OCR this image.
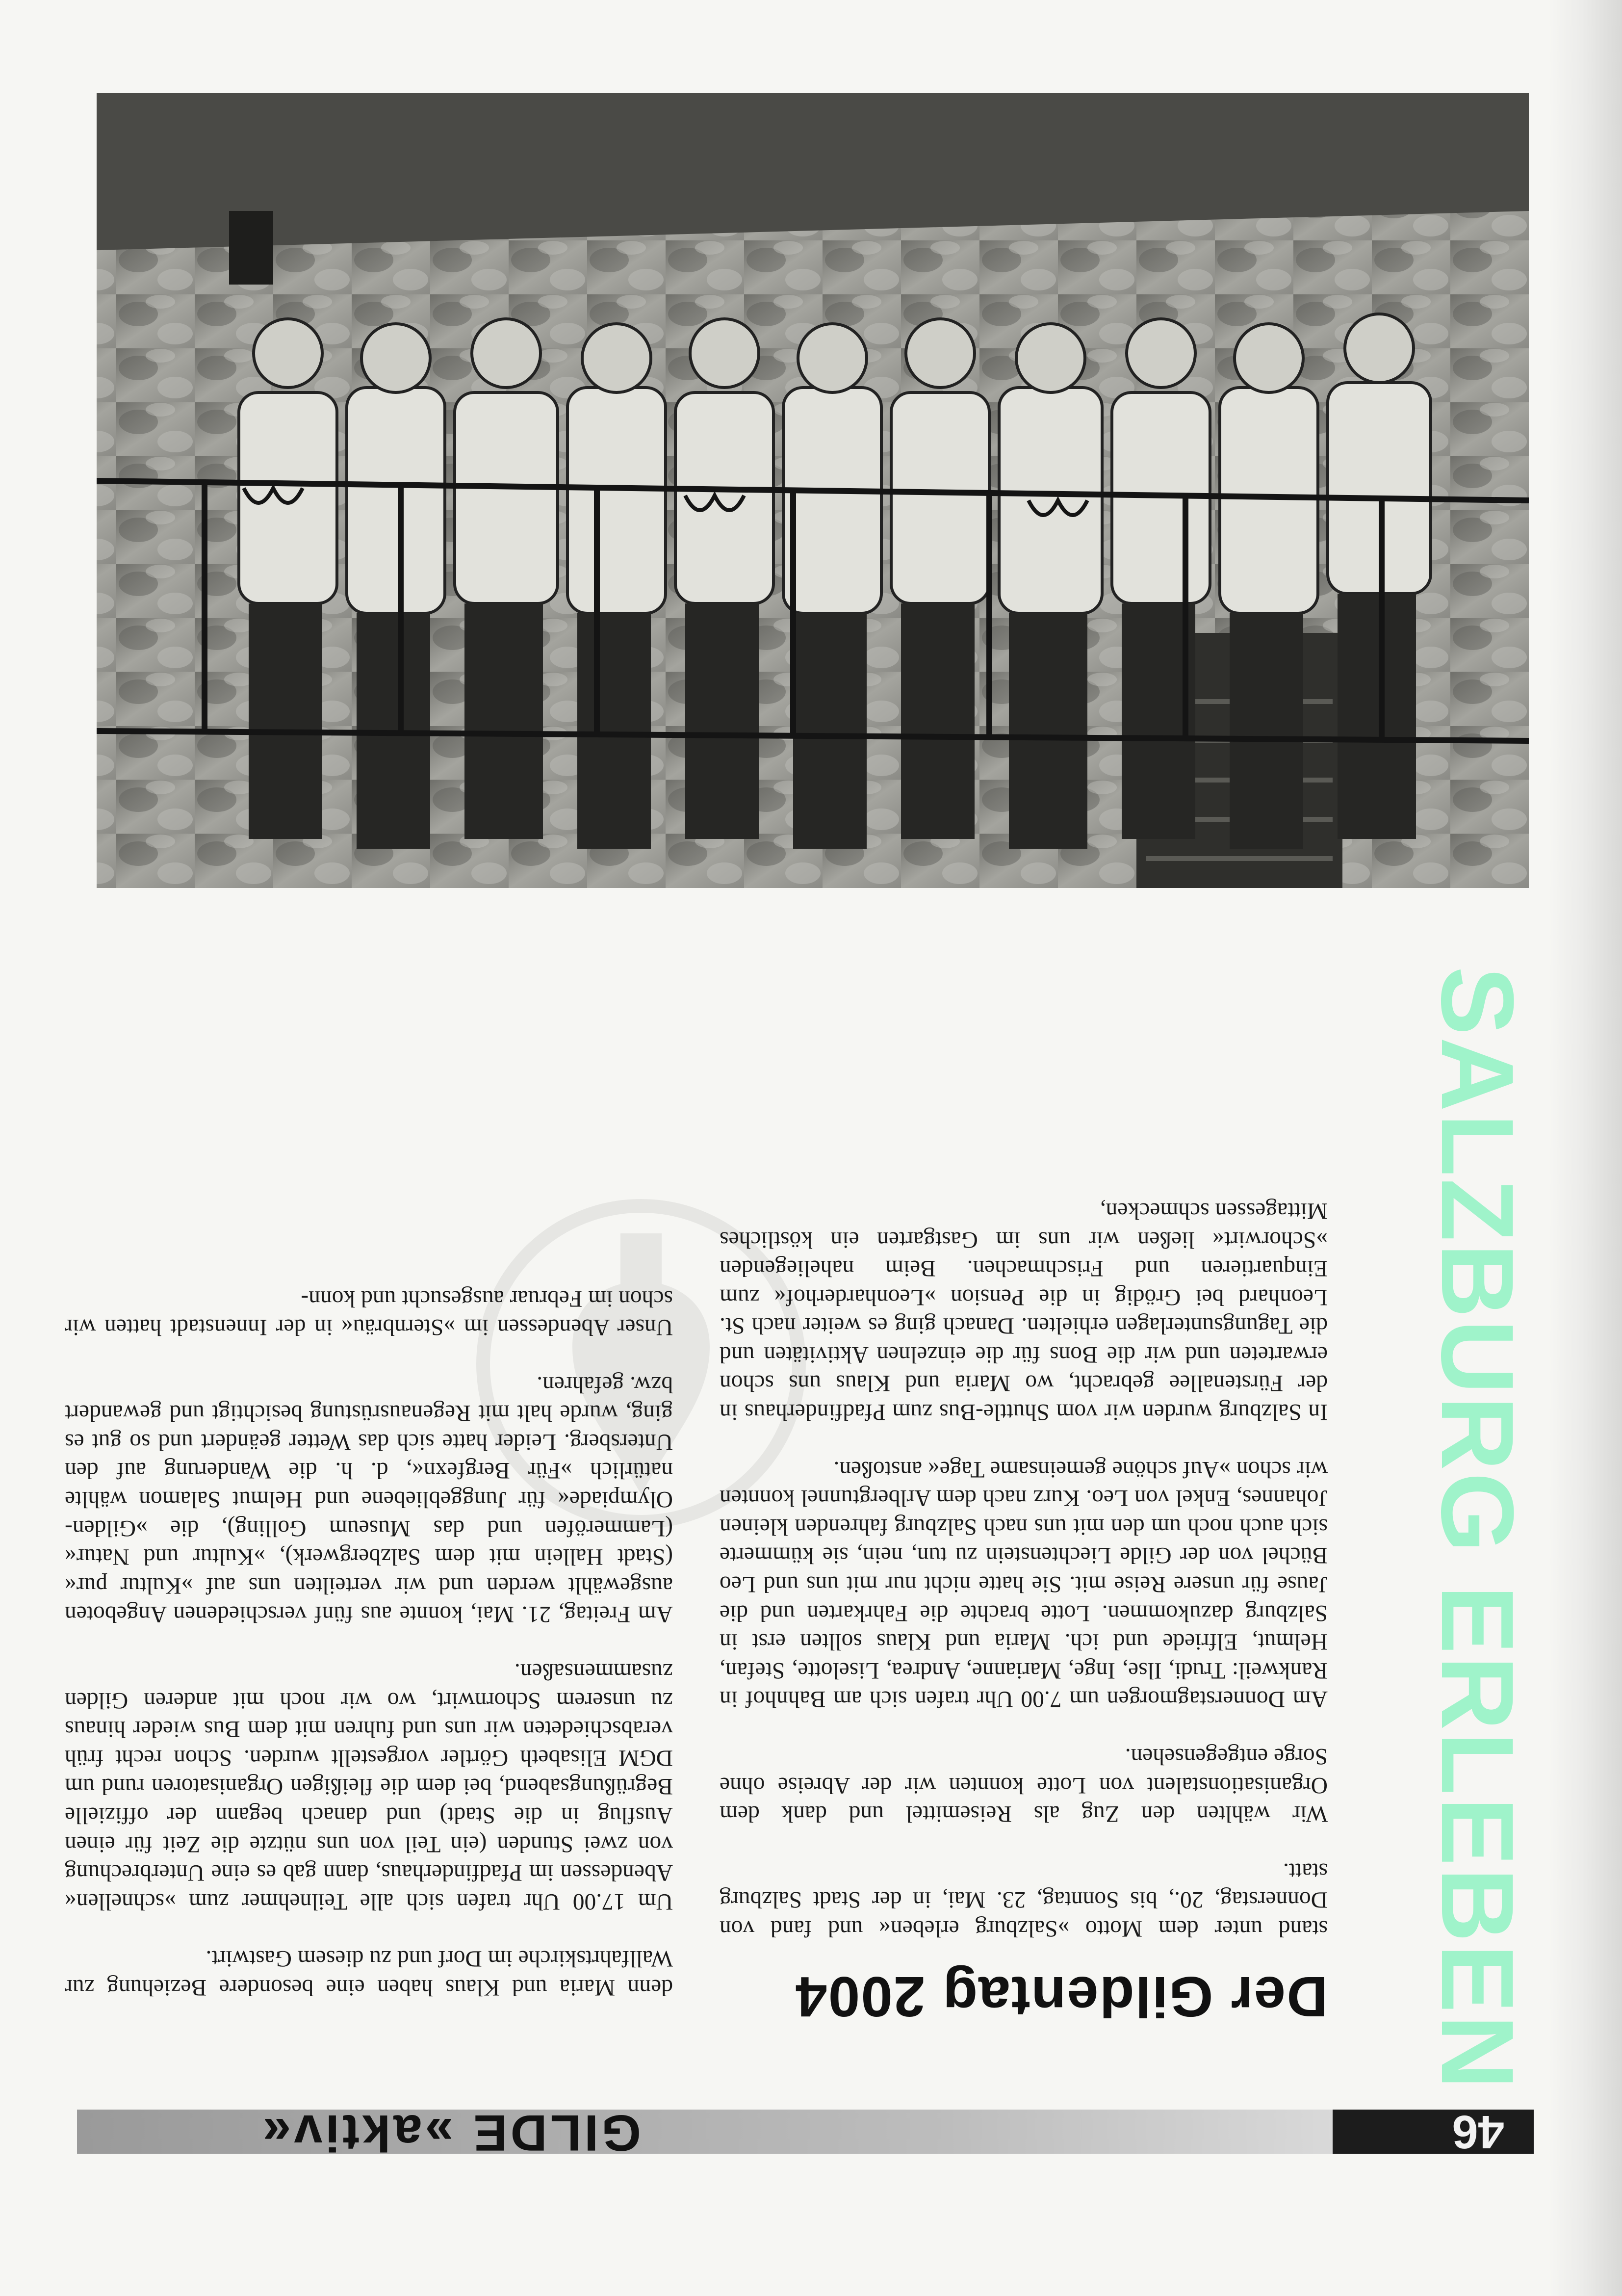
46
GILDE »aktiv«
SALZBURG ERLEBEN
Der Gildentag 2004

stand unter dem Motto »Salzburg erleben« und fand von Donnerstag, 20., bis Sonntag, 23. Mai, in der Stadt Salzburg statt.

Wir wählten den Zug als Reisemittel und dank dem Organisationstalent von Lotte konnten wir der Abreise ohne Sorge entgegensehen.

Am Donnerstagmorgen um 7.00 Uhr trafen sich am Bahnhof in Rankweil: Trudi, Ilse, Inge, Marianne, Andrea, Liselotte, Stefan, Helmut, Elfriede und ich. Maria und Klaus sollten erst in Salzburg dazukommen. Lotte brachte die Fahrkarten und die Jause für unsere Reise mit. Sie hatte nicht nur mit uns und Leo Büchel von der Gilde Liechtenstein zu tun, nein, sie kümmerte sich auch noch um den mit uns nach Salzburg fahrenden kleinen Johannes, Enkel von Leo. Kurz nach dem Arlbergtunnel konnten wir schon »Auf schöne gemeinsame Tage« anstoßen.

In Salzburg wurden wir vom Shuttle-Bus zum Pfadfinderhaus in der Fürstenallee gebracht, wo Maria und Klaus uns schon erwarteten und wir die Bons für die einzelnen Aktivitäten und die Tagungsunterlagen erhielten. Danach ging es weiter nach St. Leonhard bei Grödig in die Pension »Leonharderhof« zum Einquartieren und Frischmachen. Beim naheliegenden »Schorwirt« ließen wir uns im Gastgarten ein köstliches Mittagessen schmecken,

denn Maria und Klaus haben eine besondere Beziehung zur Wallfahrtskirche im Dorf und zu diesem Gastwirt.

Um 17.00 Uhr trafen sich alle Teilnehmer zum »schnellen« Abendessen im Pfadfinderhaus, dann gab es eine Unterbrechung von zwei Stunden (ein Teil von uns nützte die Zeit für einen Ausflug in die Stadt) und danach begann der offizielle Begrüßungsabend, bei dem die fleißigen Organisatoren rund um DGM Elisabeth Görtler vorgestellt wurden. Schon recht früh verabschiedeten wir uns und fuhren mit dem Bus wieder hinaus zu unserem Schornwirt, wo wir noch mit anderen Gilden zusammensaßen.

Am Freitag, 21. Mai, konnte aus fünf verschiedenen Angeboten ausgewählt werden und wir verteilten uns auf »Kultur pur« (Stadt Hallein mit dem Salzbergwerk), »Kultur und Natur« (Lammeröfen und das Museum Golling), die »Gilden-Olympiade« für Junggebliebene und Helmut Salamon wählte natürlich »Für Bergfexn«, d. h. die Wanderung auf den Untersberg. Leider hatte sich das Wetter geändert und so gut es ging, wurde halt mit Regenausrüstung besichtigt und gewandert bzw. gefahren.

Unser Abendessen im »Sternbräu« in der Innenstadt hatten wir schon im Februar ausgesucht und konn-
